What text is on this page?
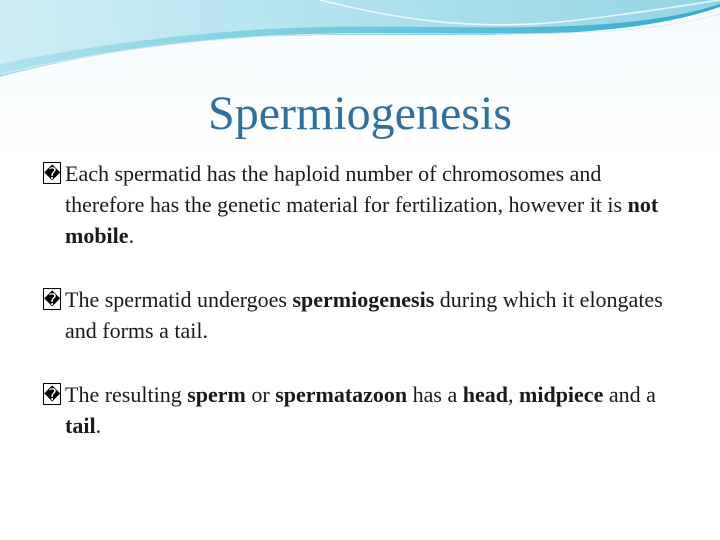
Spermiogenesis
� Each spermatid has the haploid number of chromosomes and therefore has the genetic material for fertilization, however it is not mobile.
� The spermatid undergoes spermiogenesis during which it elongates and forms a tail.
� The resulting sperm or spermatazoon has a head, midpiece and a tail.
